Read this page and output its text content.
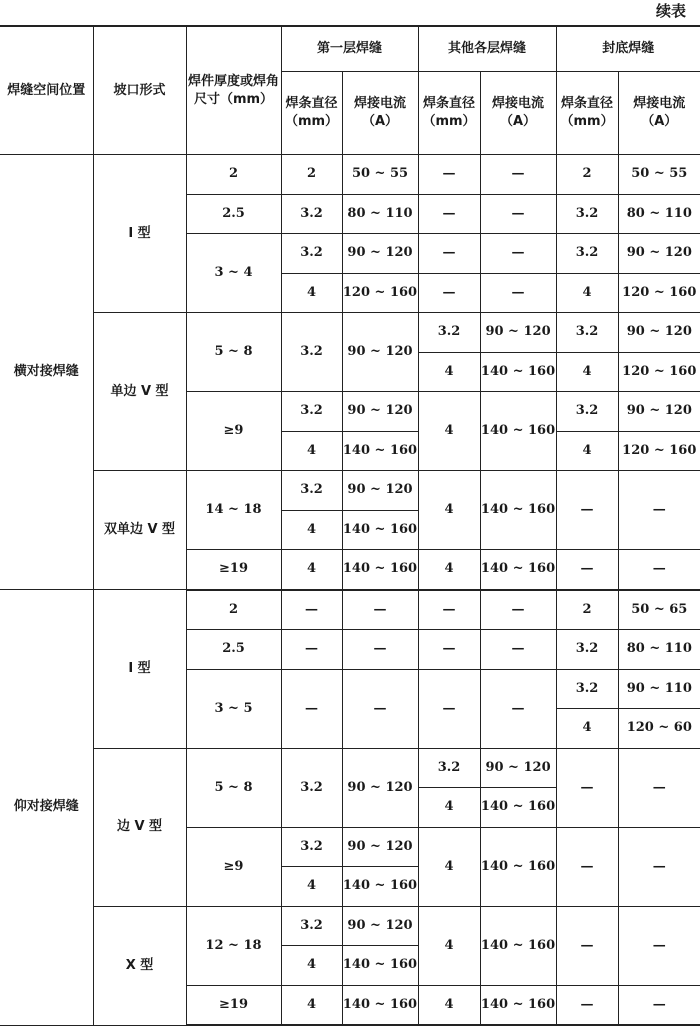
续表
焊缝空间位置	坡口形式	焊件厚度或焊角尺寸（mm）	第一层焊缝		其他各层焊缝		封底焊缝	
			焊条直径（mm）	焊接电流（A）	焊条直径（mm）	焊接电流（A）	焊条直径（mm）	焊接电流（A）
横对接焊缝	I 型	2	2	50 ~ 55	—	—	2	50 ~ 55
		2.5	3.2	80 ~ 110	—	—	3.2	80 ~ 110
		3 ~ 4	3.2	90 ~ 120	—	—	3.2	90 ~ 120
			4	120 ~ 160	—	—	4	120 ~ 160
	单边 V 型	5 ~ 8	3.2	90 ~ 120	3.2	90 ~ 120	3.2	90 ~ 120
					4	140 ~ 160	4	120 ~ 160
		≥9	3.2	90 ~ 120	4	140 ~ 160	3.2	90 ~ 120
			4	140 ~ 160			4	120 ~ 160
	双单边 V 型	14 ~ 18	3.2	90 ~ 120	4	140 ~ 160	—	—
			4	140 ~ 160				
		≥19	4	140 ~ 160	4	140 ~ 160	—	—
仰对接焊缝	I 型	2	—	—	—	—	2	50 ~ 65
		2.5	—	—	—	—	3.2	80 ~ 110
		3 ~ 5	—	—	—	—	3.2	90 ~ 110
							4	120 ~ 60
	边 V 型	5 ~ 8	3.2	90 ~ 120	3.2	90 ~ 120	—	—
					4	140 ~ 160		
		≥9	3.2	90 ~ 120	4	140 ~ 160	—	—
			4	140 ~ 160				
	X 型	12 ~ 18	3.2	90 ~ 120	4	140 ~ 160	—	—
			4	140 ~ 160				
		≥19	4	140 ~ 160	4	140 ~ 160	—	—
